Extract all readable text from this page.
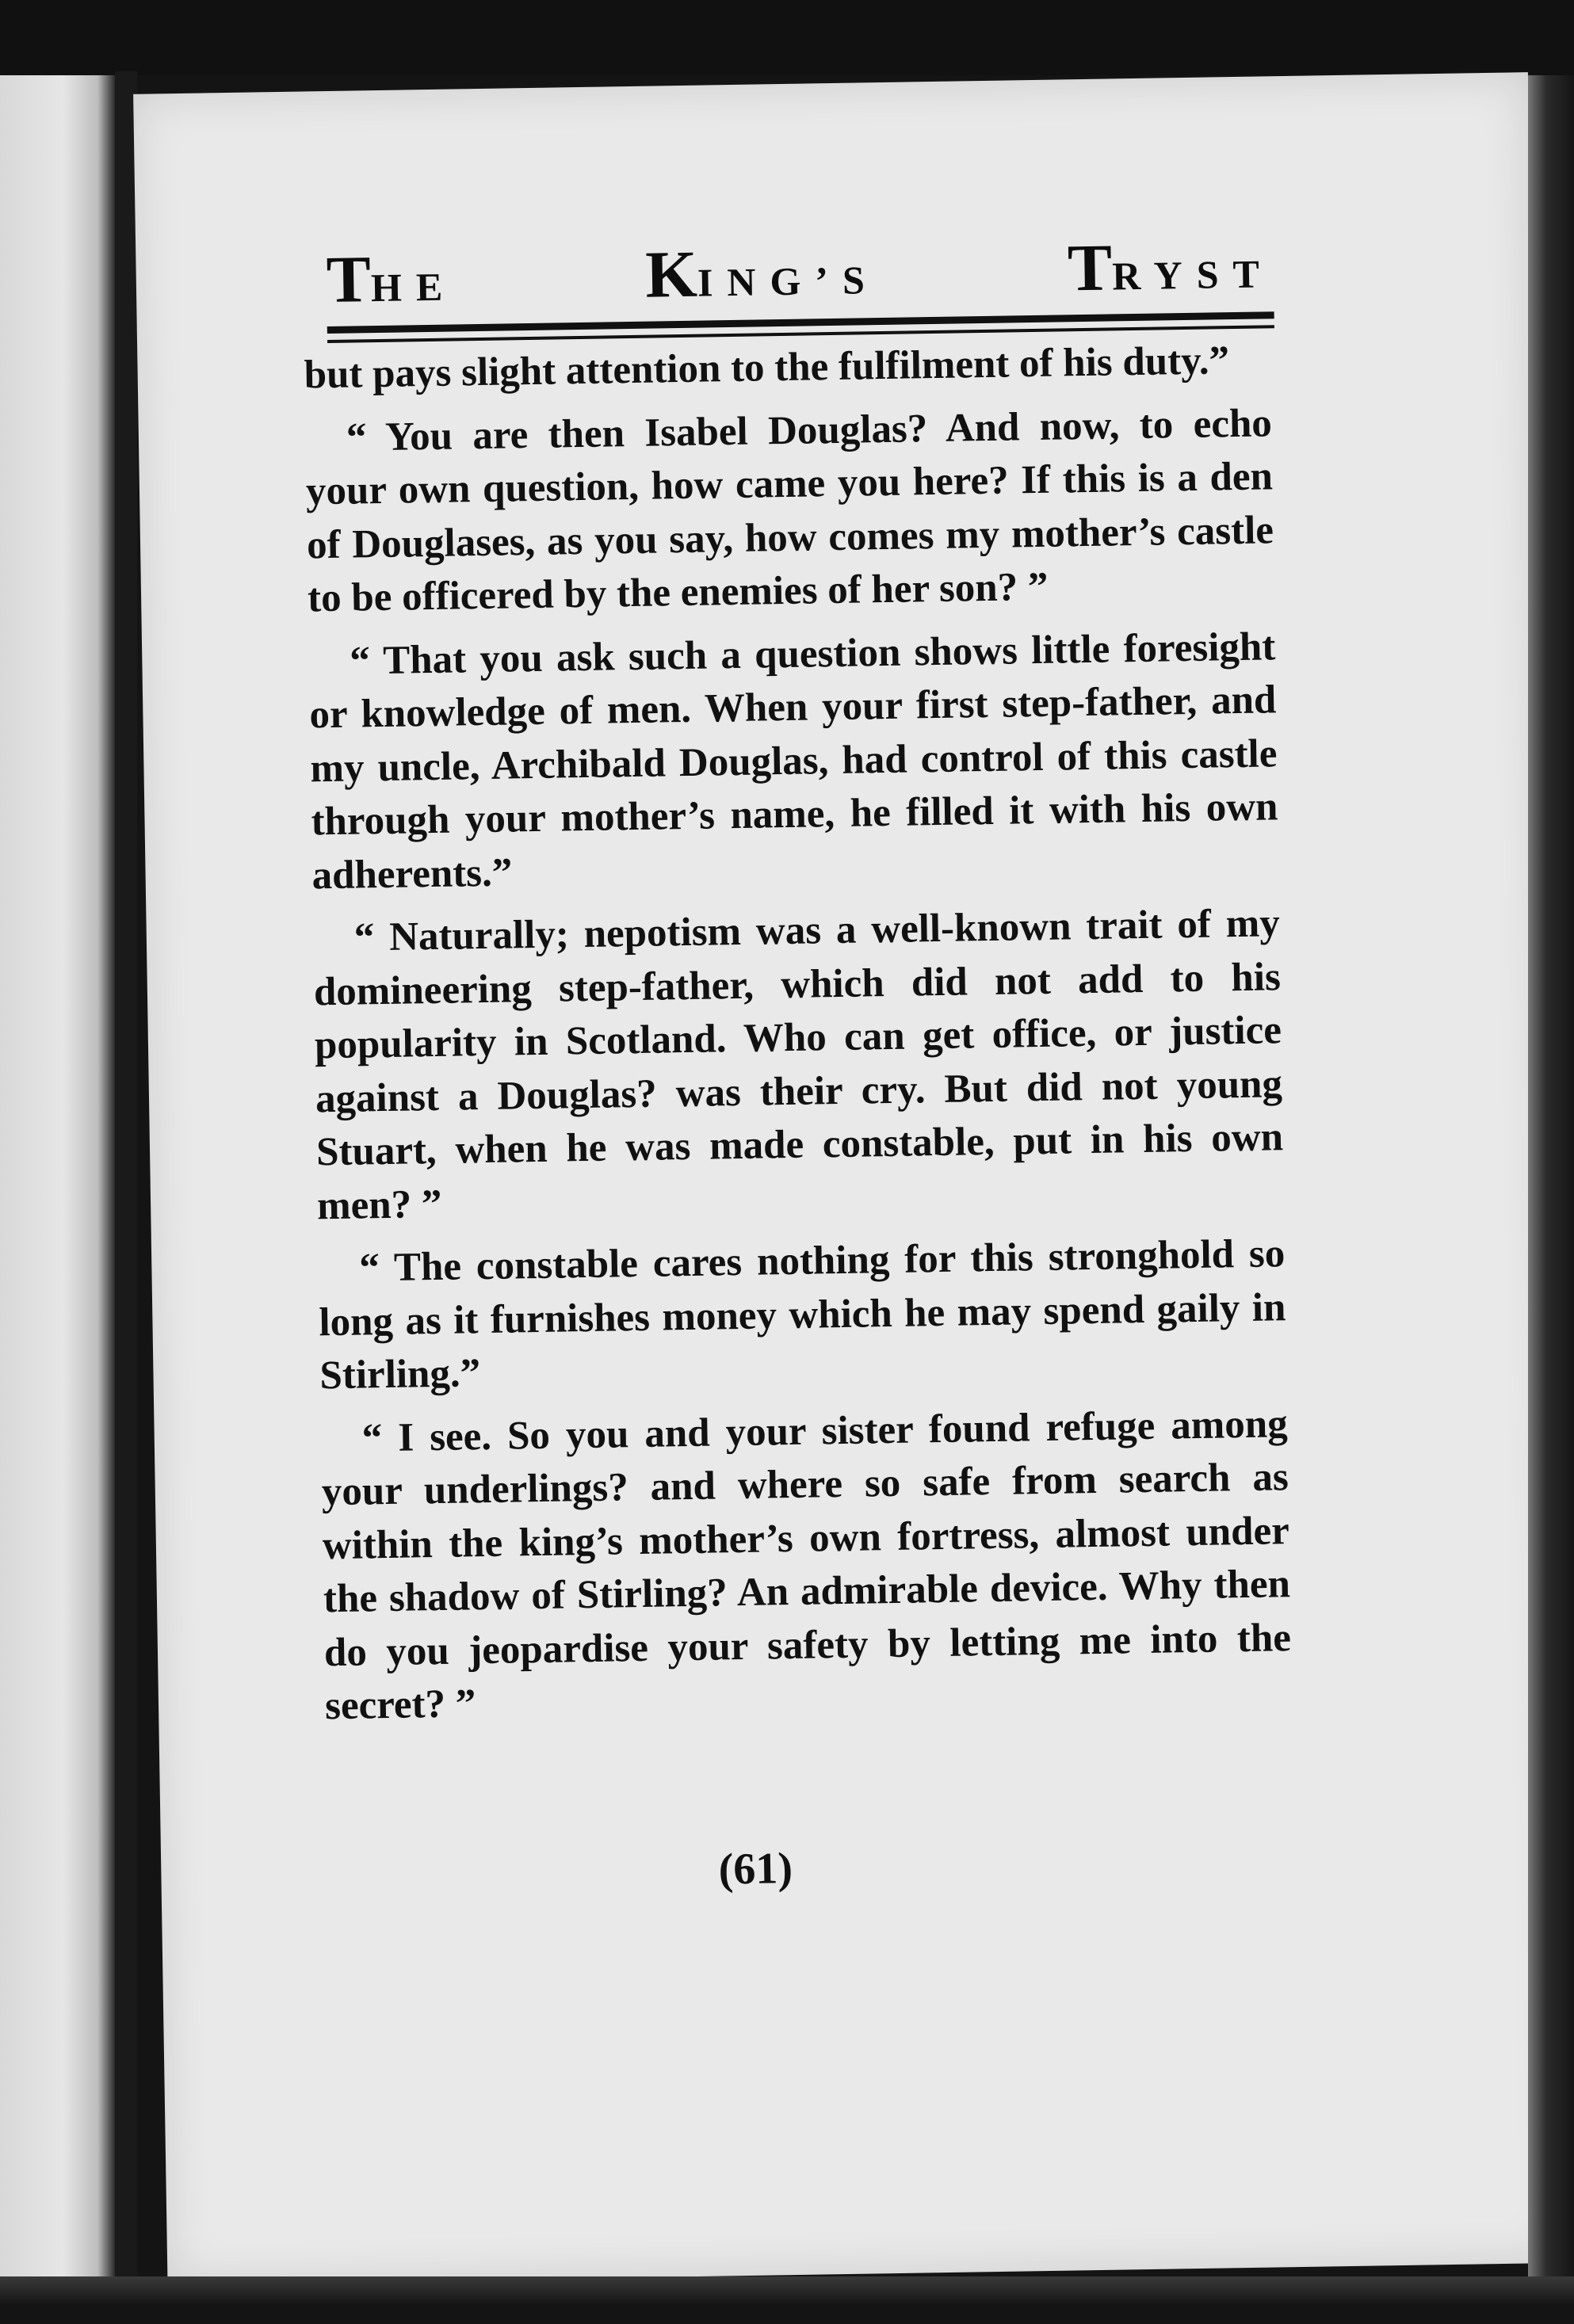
THE	KING’S	TRYST

but pays slight attention to the fulfilment of his duty.”

“ You are then Isabel Douglas? And now, to echo your own question, how came you here? If this is a den of Douglases, as you say, how comes my mother’s castle to be officered by the enemies of her son? ”

“ That you ask such a question shows little foresight or knowledge of men. When your first step-father, and my uncle, Archibald Douglas, had control of this castle through your mother’s name, he filled it with his own adherents.”

“ Naturally; nepotism was a well-known trait of my domineering step-father, which did not add to his popularity in Scotland. Who can get office, or justice against a Douglas? was their cry. But did not young Stuart, when he was made constable, put in his own men? ”

“ The constable cares nothing for this stronghold so long as it furnishes money which he may spend gaily in Stirling.”

“ I see. So you and your sister found refuge among your underlings? and where so safe from search as within the king’s mother’s own fortress, almost under the shadow of Stirling? An admirable device. Why then do you jeopardise your safety by letting me into the secret? ”

(61)
